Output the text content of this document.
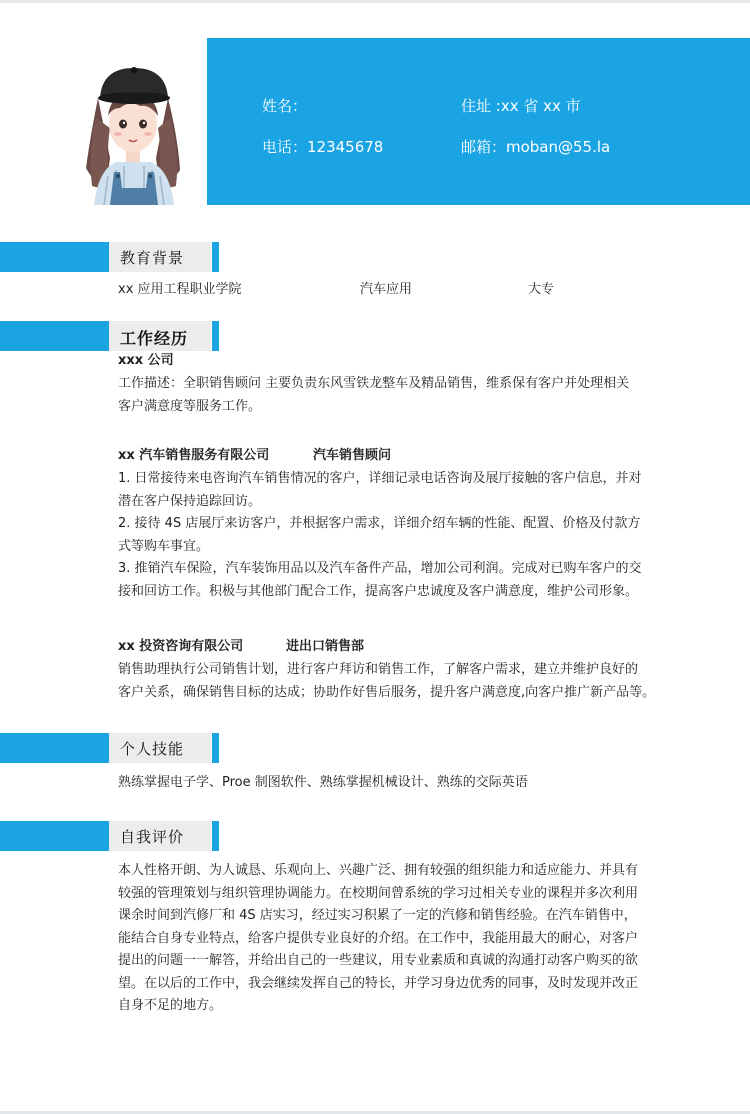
姓名：	住址 :xx 省 xx 市
电话：12345678	邮箱：moban@55.la
教育背景
xx 应用工程职业学院	汽车应用	大专
工作经历
xxx 公司
工作描述：全职销售顾问 主要负责东风雪铁龙整车及精品销售，维系保有客户并处理相关
客户满意度等服务工作。
xx 汽车销售服务有限公司	汽车销售顾问
1. 日常接待来电咨询汽车销售情况的客户，详细记录电话咨询及展厅接触的客户信息，并对
潜在客户保持追踪回访。
2. 接待 4S 店展厅来访客户，并根据客户需求，详细介绍车辆的性能、配置、价格及付款方
式等购车事宜。
3. 推销汽车保险，汽车装饰用品以及汽车备件产品，增加公司利润。完成对已购车客户的交
接和回访工作。积极与其他部门配合工作，提高客户忠诚度及客户满意度，维护公司形象。
xx 投资咨询有限公司	进出口销售部
销售助理执行公司销售计划，进行客户拜访和销售工作，了解客户需求，建立并维护良好的
客户关系，确保销售目标的达成；协助作好售后服务，提升客户满意度,向客户推广新产品等。
个人技能
熟练掌握电子学、Proe 制图软件、熟练掌握机械设计、熟练的交际英语
自我评价
本人性格开朗、为人诚恳、乐观向上、兴趣广泛、拥有较强的组织能力和适应能力、并具有
较强的管理策划与组织管理协调能力。在校期间曾系统的学习过相关专业的课程并多次利用
课余时间到汽修厂和 4S 店实习，经过实习积累了一定的汽修和销售经验。在汽车销售中，
能结合自身专业特点，给客户提供专业良好的介绍。在工作中，我能用最大的耐心，对客户
提出的问题一一解答，并给出自己的一些建议，用专业素质和真诚的沟通打动客户购买的欲
望。在以后的工作中，我会继续发挥自己的特长，并学习身边优秀的同事，及时发现并改正
自身不足的地方。
